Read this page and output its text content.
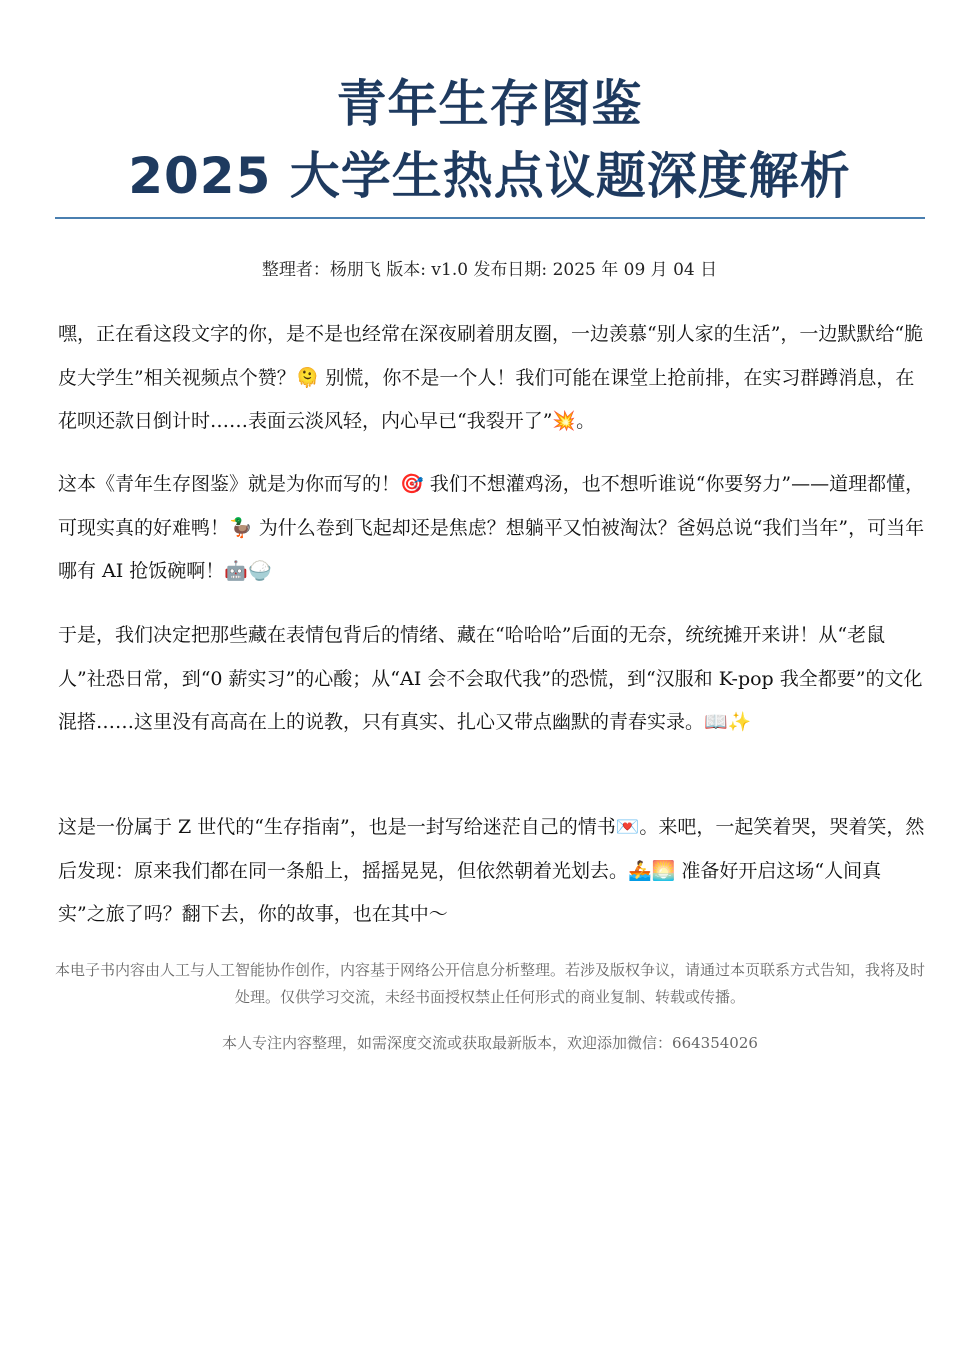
青年生存图鉴
2025 大学生热点议题深度解析
整理者：杨朋飞 版本: v1.0 发布日期: 2025 年 09 月 04 日

嘿，正在看这段文字的你，是不是也经常在深夜刷着朋友圈，一边羡慕“别人家的生活”，一边默默给“脆皮大学生”相关视频点个赞？🫠 别慌，你不是一个人！我们可能在课堂上抢前排，在实习群蹲消息，在花呗还款日倒计时……表面云淡风轻，内心早已“我裂开了”💥。

这本《青年生存图鉴》就是为你而写的！🎯 我们不想灌鸡汤，也不想听谁说“你要努力”——道理都懂，可现实真的好难鸭！🦆 为什么卷到飞起却还是焦虑？想躺平又怕被淘汰？爸妈总说“我们当年”，可当年哪有 AI 抢饭碗啊！🤖🍚

于是，我们决定把那些藏在表情包背后的情绪、藏在“哈哈哈”后面的无奈，统统摊开来讲！从“老鼠人”社恐日常，到“0 薪实习”的心酸；从“AI 会不会取代我”的恐慌，到“汉服和 K-pop 我全都要”的文化混搭……这里没有高高在上的说教，只有真实、扎心又带点幽默的青春实录。📖✨

这是一份属于 Z 世代的“生存指南”，也是一封写给迷茫自己的情书💌。来吧，一起笑着哭，哭着笑，然后发现：原来我们都在同一条船上，摇摇晃晃，但依然朝着光划去。🚣🌅 准备好开启这场“人间真实”之旅了吗？翻下去，你的故事，也在其中～

本电子书内容由人工与人工智能协作创作，内容基于网络公开信息分析整理。若涉及版权争议，请通过本页联系方式告知，我将及时处理。仅供学习交流，未经书面授权禁止任何形式的商业复制、转载或传播。

本人专注内容整理，如需深度交流或获取最新版本，欢迎添加微信：664354026
